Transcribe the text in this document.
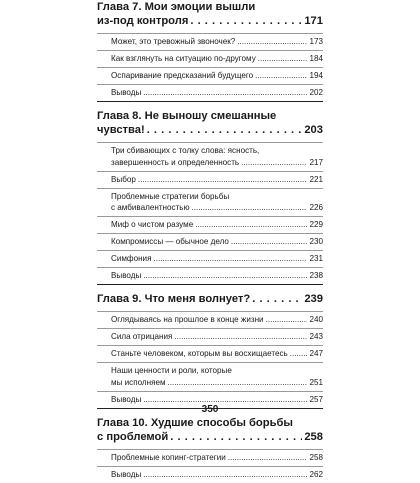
Глава 7. Мои эмоции вышли
из-под контроля . . .	171
Может, это тревожный звоночек? .....	173
Как взглянуть на ситуацию по-другому .....	184
Оспаривание предсказаний будущего .....	194
Выводы .....	202
Глава 8. Не выношу смешанные
чувства! . . .	203
Три сбивающих с толку слова: ясность,
завершенность и определенность .....	217
Выбор .....	221
Проблемные стратегии борьбы
с амбивалентностью .....	226
Миф о чистом разуме .....	229
Компромиссы — обычное дело .....	230
Симфония .....	231
Выводы .....	238
Глава 9. Что меня волнует? . . .	239
Оглядываясь на прошлое в конце жизни .....	240
Сила отрицания .....	243
Станьте человеком, которым вы восхищаетесь .....	247
Наши ценности и роли, которые
мы исполняем .....	251
Выводы .....	257
Глава 10. Худшие способы борьбы
с проблемой . . .	258
Проблемные копинг-стратегии .....	258
Выводы .....	262
350
